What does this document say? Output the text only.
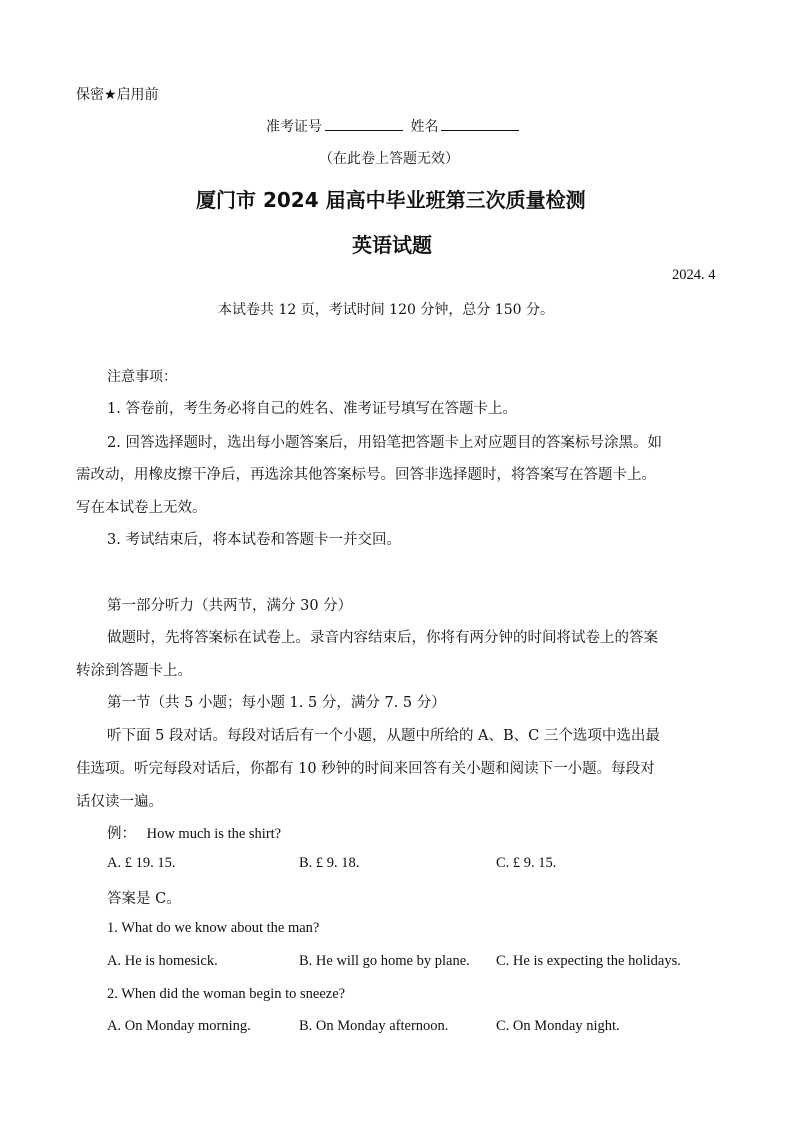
保密★启用前
准考证号	姓名
（在此卷上答题无效）
厦门市 2024 届高中毕业班第三次质量检测
英语试题
2024. 4
本试卷共 12 页，考试时间 120 分钟，总分 150 分。
注意事项：
1. 答卷前，考生务必将自己的姓名、准考证号填写在答题卡上。
2. 回答选择题时，选出每小题答案后，用铅笔把答题卡上对应题目的答案标号涂黑。如
需改动，用橡皮擦干净后，再选涂其他答案标号。回答非选择题时，将答案写在答题卡上。
写在本试卷上无效。
3. 考试结束后，将本试卷和答题卡一并交回。
第一部分听力（共两节，满分 30 分）
做题时，先将答案标在试卷上。录音内容结束后，你将有两分钟的时间将试卷上的答案
转涂到答题卡上。
第一节（共 5 小题；每小题 1. 5 分，满分 7. 5 分）
听下面 5 段对话。每段对话后有一个小题，从题中所给的 A、B、C 三个选项中选出最
佳选项。听完每段对话后，你都有 10 秒钟的时间来回答有关小题和阅读下一小题。每段对
话仅读一遍。
例： How much is the shirt?
A. £ 19. 15.	B. £ 9. 18.	C. £ 9. 15.
答案是 C。
1. What do we know about the man?
A. He is homesick.	B. He will go home by plane. C. He is expecting the holidays.
2. When did the woman begin to sneeze?
A. On Monday morning.	B. On Monday afternoon.	C. On Monday night.
